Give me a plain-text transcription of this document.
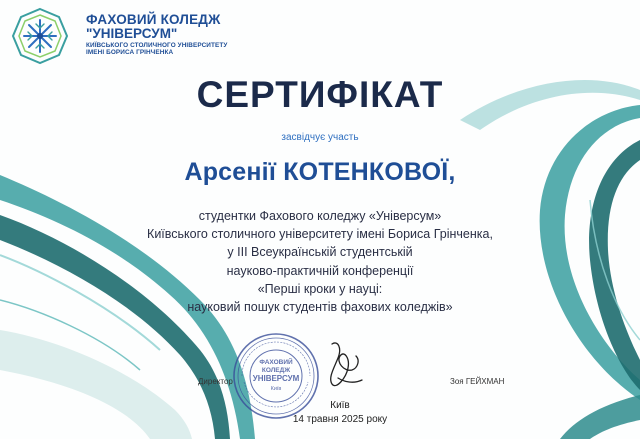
ФАХОВИЙ КОЛЕДЖ
"УНІВЕРСУМ"
КИЇВСЬКОГО СТОЛИЧНОГО УНІВЕРСИТЕТУ
ІМЕНІ БОРИСА ГРІНЧЕНКА
СЕРТИФІКАТ
засвідчує участь
Арсенії КОТЕНКОВОЇ,
студентки Фахового коледжу «Універсум»
Київського столичного університету імені Бориса Грінченка,
у ІІІ Всеукраїнській студентській
науково-практичній конференції
«Перші кроки у науці:
науковий пошук студентів фахових коледжів»
ФАХОВИЙ
КОЛЕДЖ
УНІВЕРСУМ
Київ
Директор	Зоя ГЕЙХМАН
Київ
14 травня 2025 року
